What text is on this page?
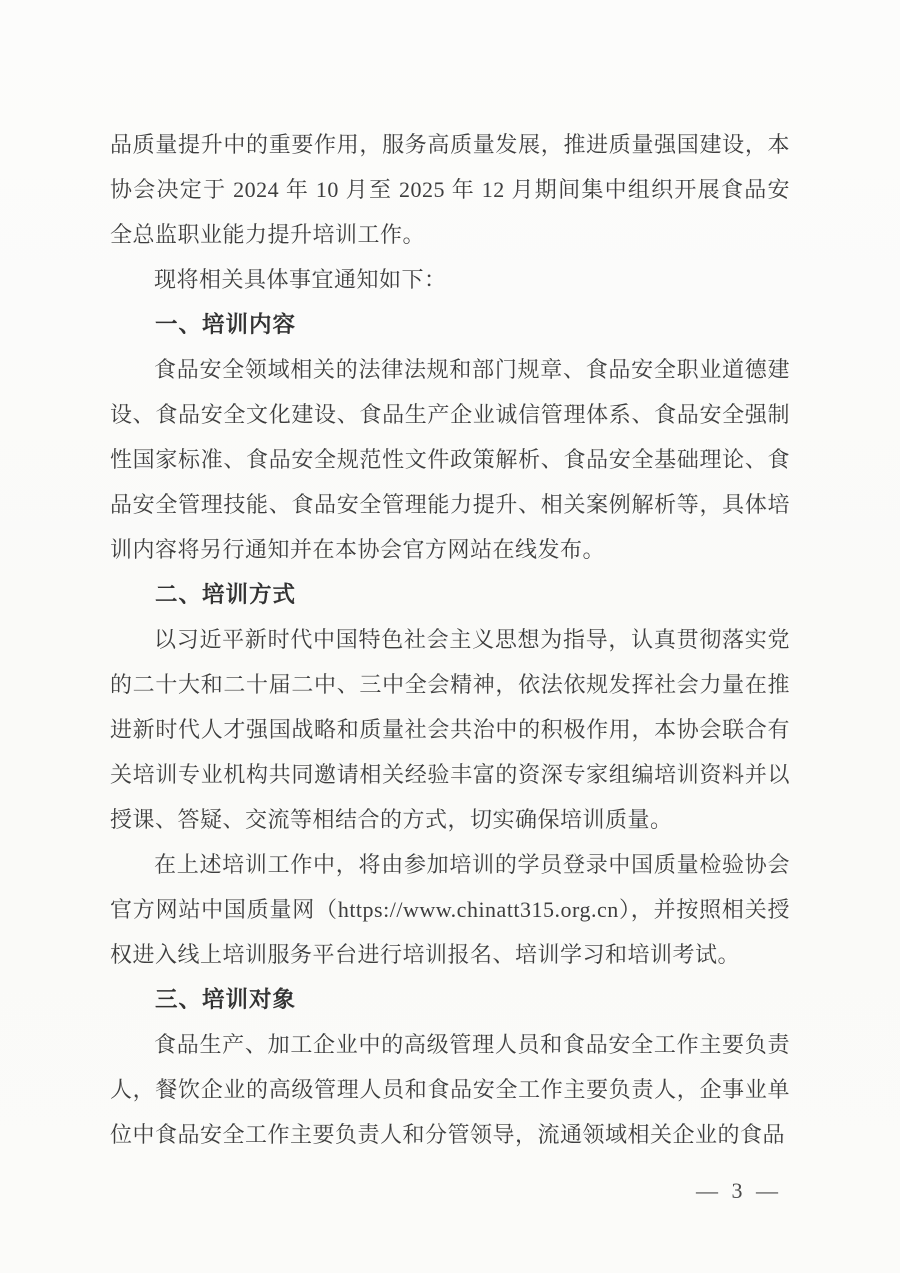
品质量提升中的重要作用，服务高质量发展，推进质量强国建设，本协会决定于 2024 年 10 月至 2025 年 12 月期间集中组织开展食品安全总监职业能力提升培训工作。

现将相关具体事宜通知如下：

一、培训内容

食品安全领域相关的法律法规和部门规章、食品安全职业道德建设、食品安全文化建设、食品生产企业诚信管理体系、食品安全强制性国家标准、食品安全规范性文件政策解析、食品安全基础理论、食品安全管理技能、食品安全管理能力提升、相关案例解析等，具体培训内容将另行通知并在本协会官方网站在线发布。

二、培训方式

以习近平新时代中国特色社会主义思想为指导，认真贯彻落实党的二十大和二十届二中、三中全会精神，依法依规发挥社会力量在推进新时代人才强国战略和质量社会共治中的积极作用，本协会联合有关培训专业机构共同邀请相关经验丰富的资深专家组编培训资料并以授课、答疑、交流等相结合的方式，切实确保培训质量。

在上述培训工作中，将由参加培训的学员登录中国质量检验协会官方网站中国质量网（https://www.chinatt315.org.cn），并按照相关授权进入线上培训服务平台进行培训报名、培训学习和培训考试。

三、培训对象

食品生产、加工企业中的高级管理人员和食品安全工作主要负责人，餐饮企业的高级管理人员和食品安全工作主要负责人，企事业单位中食品安全工作主要负责人和分管领导，流通领域相关企业的食品

— 3 —
